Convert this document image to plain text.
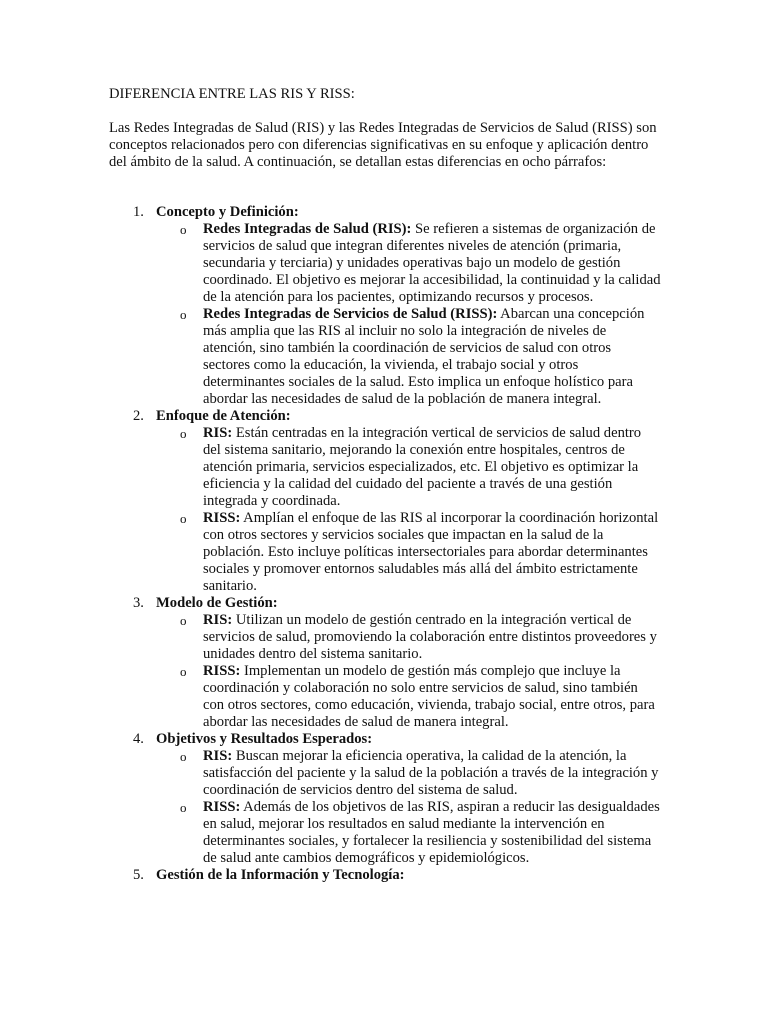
DIFERENCIA ENTRE LAS RIS Y RISS:

Las Redes Integradas de Salud (RIS) y las Redes Integradas de Servicios de Salud (RISS) son conceptos relacionados pero con diferencias significativas en su enfoque y aplicación dentro del ámbito de la salud. A continuación, se detallan estas diferencias en ocho párrafos:

1. Concepto y Definición:
o Redes Integradas de Salud (RIS): Se refieren a sistemas de organización de servicios de salud que integran diferentes niveles de atención (primaria, secundaria y terciaria) y unidades operativas bajo un modelo de gestión coordinado. El objetivo es mejorar la accesibilidad, la continuidad y la calidad de la atención para los pacientes, optimizando recursos y procesos.
o Redes Integradas de Servicios de Salud (RISS): Abarcan una concepción más amplia que las RIS al incluir no solo la integración de niveles de atención, sino también la coordinación de servicios de salud con otros sectores como la educación, la vivienda, el trabajo social y otros determinantes sociales de la salud. Esto implica un enfoque holístico para abordar las necesidades de salud de la población de manera integral.
2. Enfoque de Atención:
o RIS: Están centradas en la integración vertical de servicios de salud dentro del sistema sanitario, mejorando la conexión entre hospitales, centros de atención primaria, servicios especializados, etc. El objetivo es optimizar la eficiencia y la calidad del cuidado del paciente a través de una gestión integrada y coordinada.
o RISS: Amplían el enfoque de las RIS al incorporar la coordinación horizontal con otros sectores y servicios sociales que impactan en la salud de la población. Esto incluye políticas intersectoriales para abordar determinantes sociales y promover entornos saludables más allá del ámbito estrictamente sanitario.
3. Modelo de Gestión:
o RIS: Utilizan un modelo de gestión centrado en la integración vertical de servicios de salud, promoviendo la colaboración entre distintos proveedores y unidades dentro del sistema sanitario.
o RISS: Implementan un modelo de gestión más complejo que incluye la coordinación y colaboración no solo entre servicios de salud, sino también con otros sectores, como educación, vivienda, trabajo social, entre otros, para abordar las necesidades de salud de manera integral.
4. Objetivos y Resultados Esperados:
o RIS: Buscan mejorar la eficiencia operativa, la calidad de la atención, la satisfacción del paciente y la salud de la población a través de la integración y coordinación de servicios dentro del sistema de salud.
o RISS: Además de los objetivos de las RIS, aspiran a reducir las desigualdades en salud, mejorar los resultados en salud mediante la intervención en determinantes sociales, y fortalecer la resiliencia y sostenibilidad del sistema de salud ante cambios demográficos y epidemiológicos.
5. Gestión de la Información y Tecnología:
